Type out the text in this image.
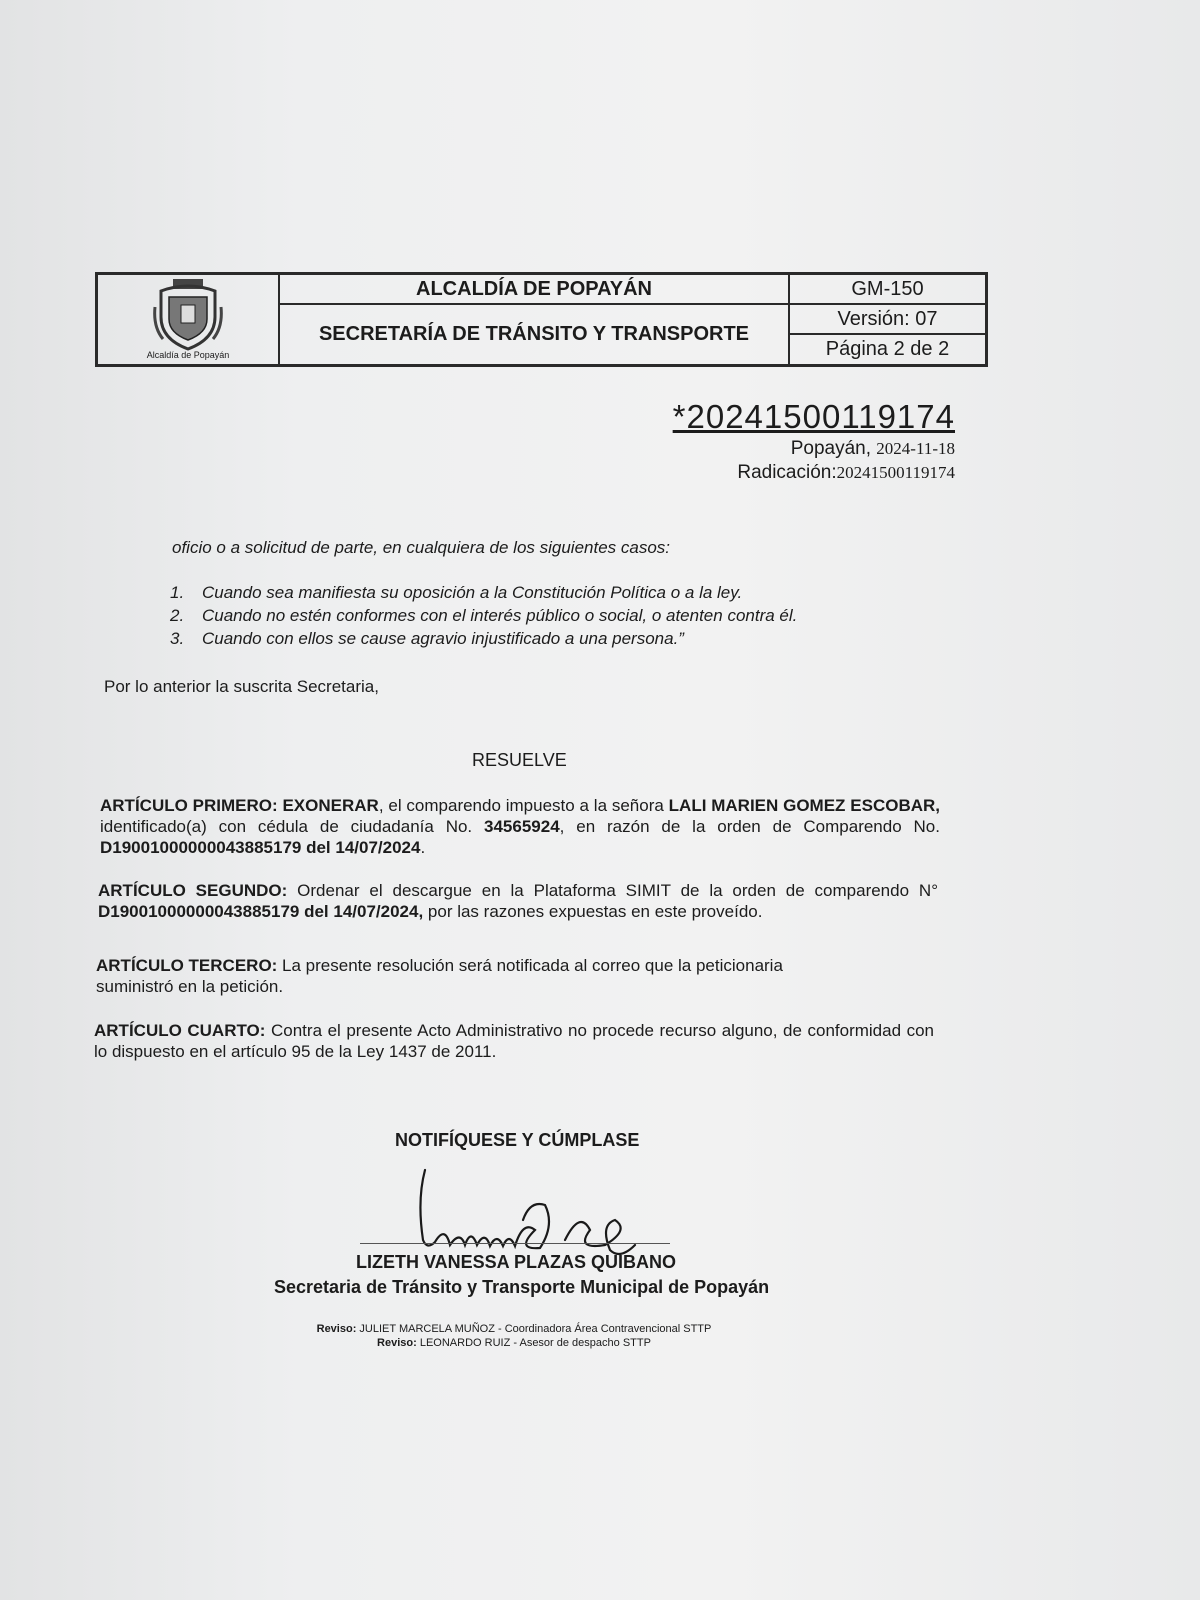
Alcaldía de Popayán
ALCALDÍA DE POPAYÁN
SECRETARÍA DE TRÁNSITO Y TRANSPORTE
GM-150
Versión: 07
Página 2 de 2
*20241500119174
Popayán, 2024-11-18
Radicación:20241500119174
oficio o a solicitud de parte, en cualquiera de los siguientes casos:
1. Cuando sea manifiesta su oposición a la Constitución Política o a la ley.
2. Cuando no estén conformes con el interés público o social, o atenten contra él.
3. Cuando con ellos se cause agravio injustificado a una persona.”
Por lo anterior la suscrita Secretaria,
RESUELVE
ARTÍCULO PRIMERO: EXONERAR, el comparendo impuesto a la señora LALI MARIEN GOMEZ ESCOBAR, identificado(a) con cédula de ciudadanía No. 34565924, en razón de la orden de Comparendo No. D19001000000043885179 del 14/07/2024.
ARTÍCULO SEGUNDO: Ordenar el descargue en la Plataforma SIMIT de la orden de comparendo N° D19001000000043885179 del 14/07/2024, por las razones expuestas en este proveído.
ARTÍCULO TERCERO: La presente resolución será notificada al correo que la peticionaria suministró en la petición.
ARTÍCULO CUARTO: Contra el presente Acto Administrativo no procede recurso alguno, de conformidad con lo dispuesto en el artículo 95 de la Ley 1437 de 2011.
NOTIFÍQUESE Y CÚMPLASE
LIZETH VANESSA PLAZAS QUIBANO
Secretaria de Tránsito y Transporte Municipal de Popayán
Reviso: JULIET MARCELA MUÑOZ - Coordinadora Área Contravencional STTP
Reviso: LEONARDO RUIZ - Asesor de despacho STTP
